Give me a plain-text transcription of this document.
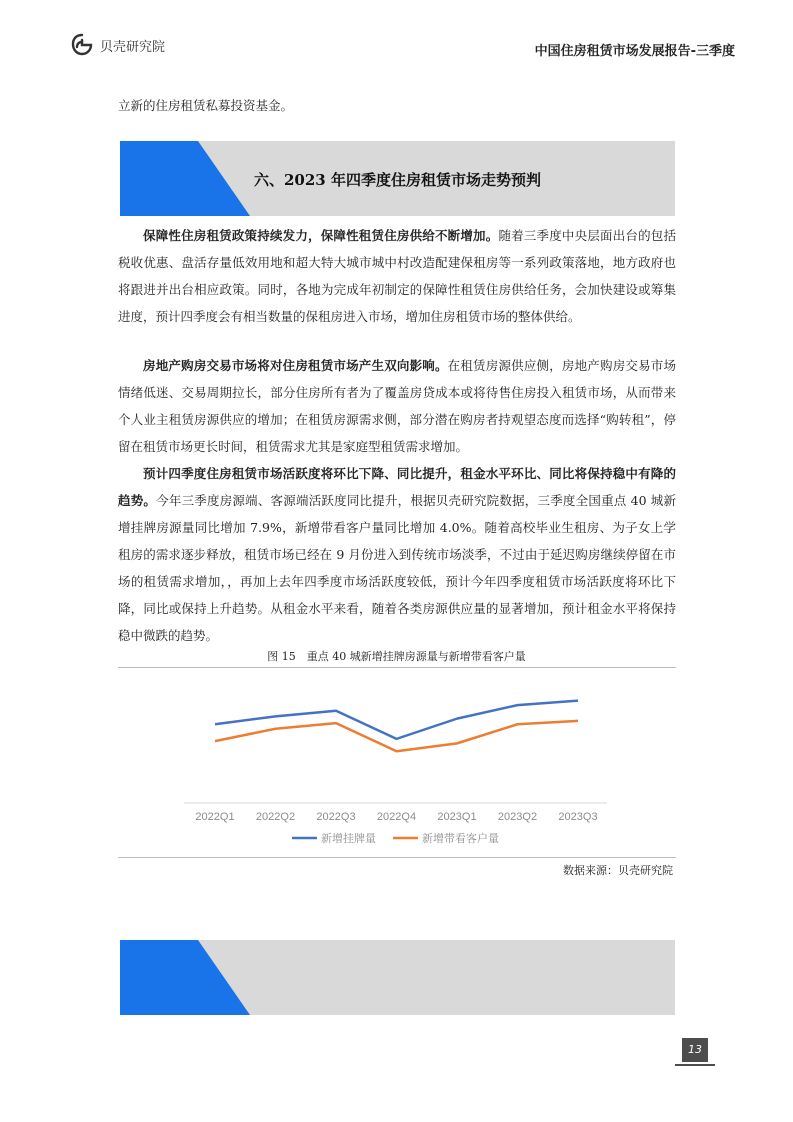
贝壳研究院	中国住房租赁市场发展报告-三季度

立新的住房租赁私募投资基金。

六、2023 年四季度住房租赁市场走势预判

保障性住房租赁政策持续发力，保障性租赁住房供给不断增加。随着三季度中央层面出台的包括税收优惠、盘活存量低效用地和超大特大城市城中村改造配建保租房等一系列政策落地，地方政府也将跟进并出台相应政策。同时，各地为完成年初制定的保障性租赁住房供给任务，会加快建设或筹集进度，预计四季度会有相当数量的保租房进入市场，增加住房租赁市场的整体供给。

房地产购房交易市场将对住房租赁市场产生双向影响。在租赁房源供应侧，房地产购房交易市场情绪低迷、交易周期拉长，部分住房所有者为了覆盖房贷成本或将待售住房投入租赁市场，从而带来个人业主租赁房源供应的增加；在租赁房源需求侧，部分潜在购房者持观望态度而选择“购转租”，停留在租赁市场更长时间，租赁需求尤其是家庭型租赁需求增加。

预计四季度住房租赁市场活跃度将环比下降、同比提升，租金水平环比、同比将保持稳中有降的趋势。今年三季度房源端、客源端活跃度同比提升，根据贝壳研究院数据，三季度全国重点 40 城新增挂牌房源量同比增加 7.9%，新增带看客户量同比增加 4.0%。随着高校毕业生租房、为子女上学租房的需求逐步释放，租赁市场已经在 9 月份进入到传统市场淡季，不过由于延迟购房继续停留在市场的租赁需求增加，，再加上去年四季度市场活跃度较低，预计今年四季度租赁市场活跃度将环比下降，同比或保持上升趋势。从租金水平来看，随着各类房源供应量的显著增加，预计租金水平将保持稳中微跌的趋势。

图 15　重点 40 城新增挂牌房源量与新增带看客户量
2022Q1 2022Q2 2022Q3 2022Q4 2023Q1 2023Q2 2023Q3
新增挂牌量	新增带看客户量
数据来源：贝壳研究院
13
